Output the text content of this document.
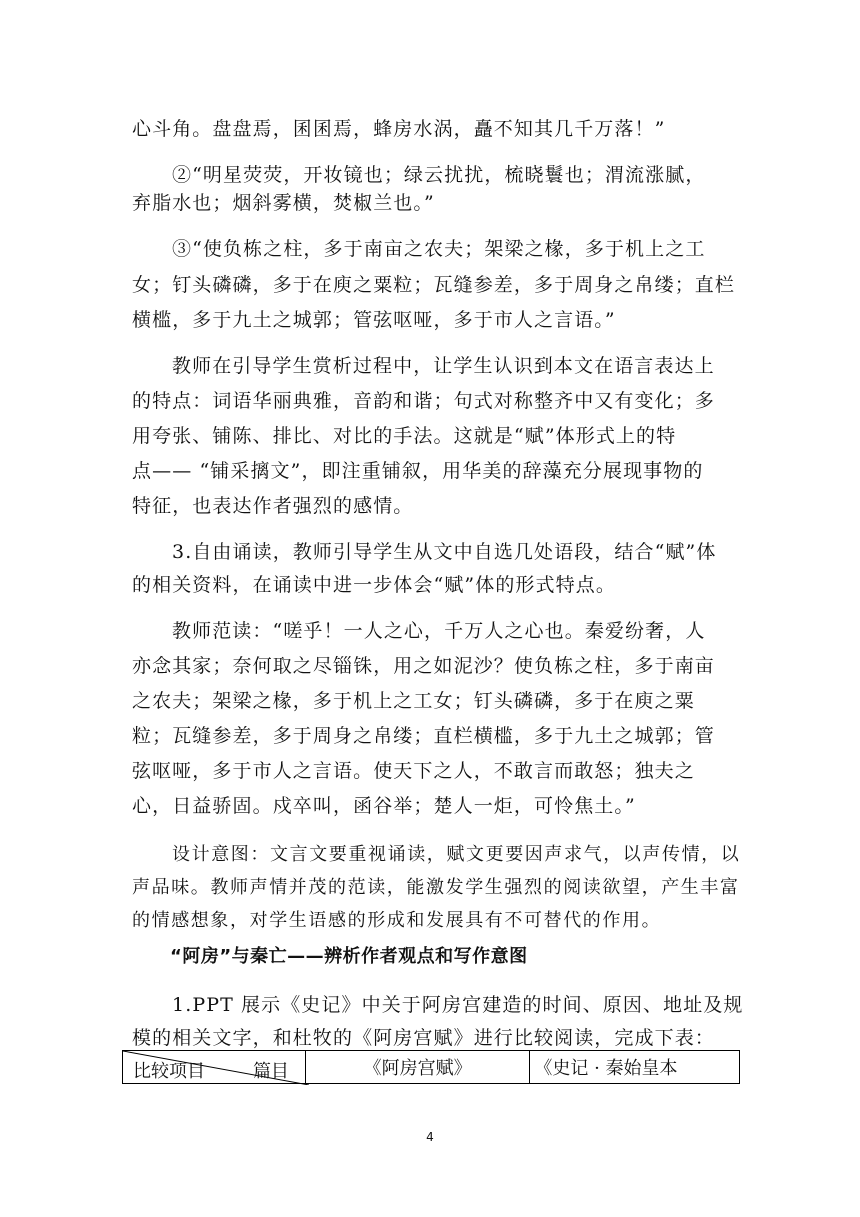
心斗角。盘盘焉，囷囷焉，蜂房水涡，矗不知其几千万落！”
②“明星荧荧，开妆镜也；绿云扰扰，梳晓鬟也；渭流涨腻，
弃脂水也；烟斜雾横，焚椒兰也。”
③“使负栋之柱，多于南亩之农夫；架梁之椽，多于机上之工
女；钉头磷磷，多于在庾之粟粒；瓦缝参差，多于周身之帛缕；直栏
横槛，多于九土之城郭；管弦呕哑，多于市人之言语。”
教师在引导学生赏析过程中，让学生认识到本文在语言表达上
的特点：词语华丽典雅，音韵和谐；句式对称整齐中又有变化；多
用夸张、铺陈、排比、对比的手法。这就是“赋”体形式上的特
点—— “铺采摛文”，即注重铺叙，用华美的辞藻充分展现事物的
特征，也表达作者强烈的感情。
3.自由诵读，教师引导学生从文中自选几处语段，结合“赋”体
的相关资料，在诵读中进一步体会“赋”体的形式特点。
教师范读：“嗟乎！一人之心，千万人之心也。秦爱纷奢，人
亦念其家；奈何取之尽锱铢，用之如泥沙？使负栋之柱，多于南亩
之农夫；架梁之椽，多于机上之工女；钉头磷磷，多于在庾之粟
粒；瓦缝参差，多于周身之帛缕；直栏横槛，多于九土之城郭；管
弦呕哑，多于市人之言语。使天下之人，不敢言而敢怒；独夫之
心，日益骄固。戍卒叫，函谷举；楚人一炬，可怜焦土。”
设计意图：文言文要重视诵读，赋文更要因声求气，以声传情，以
声品味。教师声情并茂的范读，能激发学生强烈的阅读欲望，产生丰富
的情感想象，对学生语感的形成和发展具有不可替代的作用。
“阿房”与秦亡——辨析作者观点和写作意图
1.PPT 展示《史记》中关于阿房宫建造的时间、原因、地址及规
模的相关文字，和杜牧的《阿房宫赋》进行比较阅读，完成下表：
比较项目	篇目	《阿房宫赋》	《史记 · 秦始皇本
4
